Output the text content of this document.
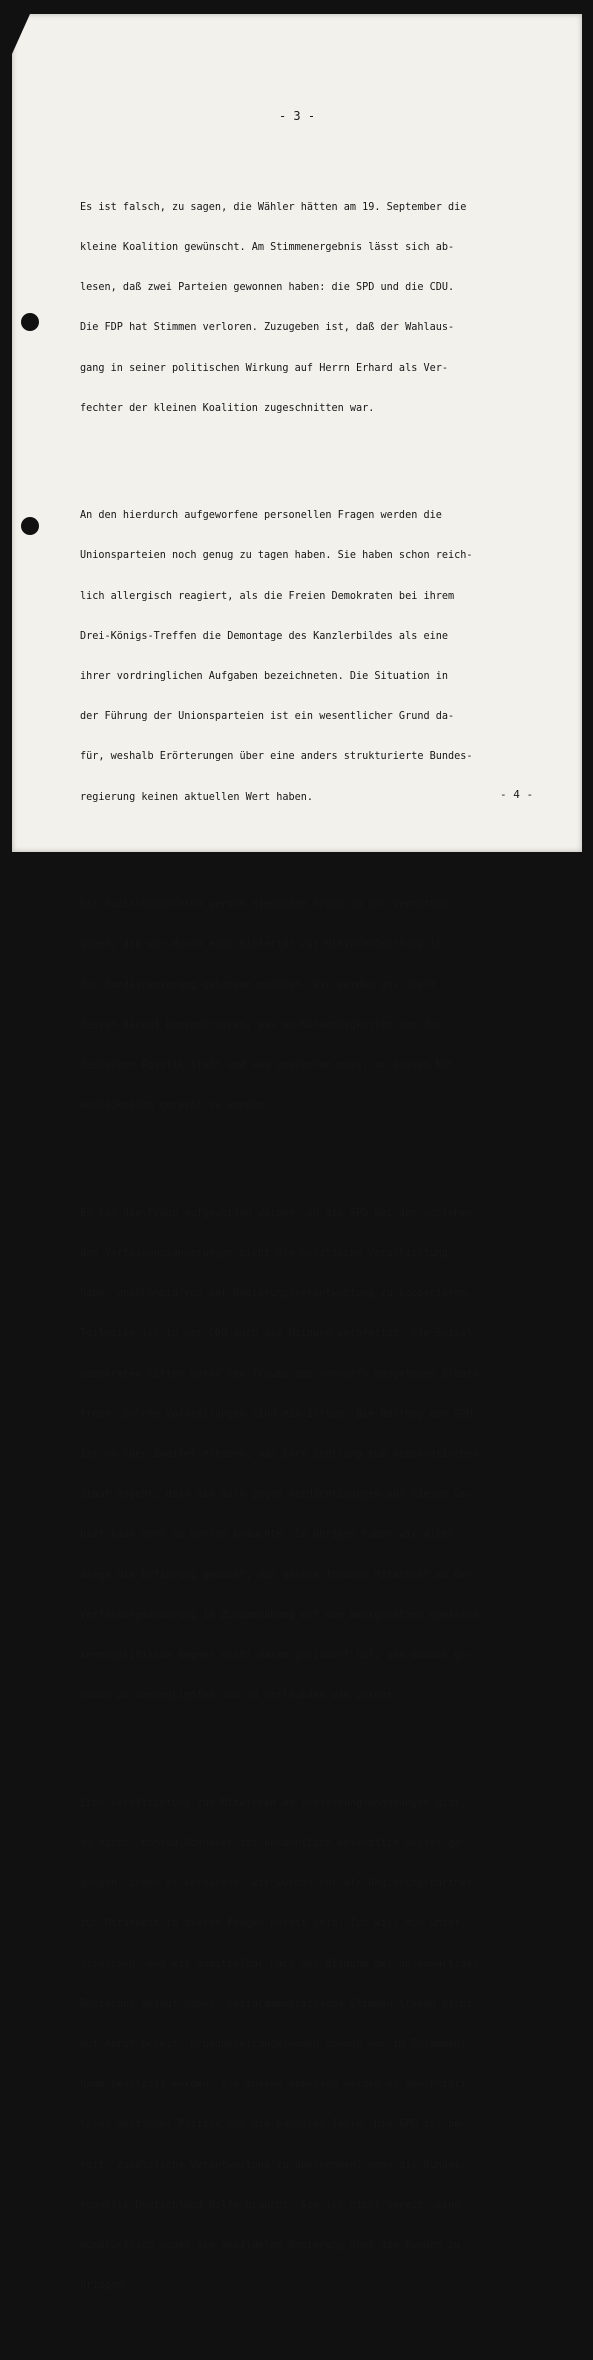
- 3 -

Es ist falsch, zu sagen, die Wähler hätten am 19. September die

kleine Koalition gewünscht. Am Stimmenergebnis lässt sich ab-

lesen, daß zwei Parteien gewonnen haben: die SPD und die CDU.

Die FDP hat Stimmen verloren. Zuzugeben ist, daß der Wahlaus-

gang in seiner politischen Wirkung auf Herrn Erhard als Ver-

fechter der kleinen Koalition zugeschnitten war.

An den hierdurch aufgeworfene personellen Fragen werden die

Unionsparteien noch genug zu tagen haben. Sie haben schon reich-

lich allergisch reagiert, als die Freien Demokraten bei ihrem

Drei-Königs-Treffen die Demontage des Kanzlerbildes als eine

ihrer vordringlichen Aufgaben bezeichneten. Die Situation in

der Führung der Unionsparteien ist ein wesentlicher Grund da-

für, weshalb Erörterungen über eine anders strukturierte Bundes-

regierung keinen aktuellen Wert haben.

Wir Sozialdemokraten werden niemanden Grund zu der Vermutung

geben, daß wir durch eine Hintertür zur Mitverantwortung in

der Bundesregierung gelangen möchten. Wir werden uns statt

dessen darauf konzentrieren, was an Notwendigkeiten vor der

deutschen Politik steht und was geschehen muss, um diesen Not-

wendigkeiten gerecht zu werden.

Es ist die Frage aufgeworfen worden, ob die SPD bei den anstehen-

den Verfassungsänderungen nicht die politische Verpflichtung

habe, unabhängig von der Regierungsverantwortung zu kooperieren.

Teilweise ist in der CDU auch die Meinung verbreitet, die Sozial-

demokraten litten unter dem Trauma des Vorwurfs mangelnder Staats-

treue. Solche Vorstellungen sind ein Irrtum. Die Haltung der SPD

ist so über Zweifel erhaben, was ihre Stellung zum demokratischen

Staat angeht, dass sie sich gegen Verdächtigungen auf diesem Ge-

biet kaum mehr zu wehren brauchte. Im übrigen haben wir aller-

dings die Erfahrung gemacht, daß unsere frühere Mitarbeit an der

Verfassungsänderung im Zusammenhang mit den Wehrgesetzen gewissen

innenpolitische Gegner nicht daran gehindert hat, uns danach ge-

nauso zu verunglimpfen und zu verleumden wie vorher.

Eine Verpflichtung zum Mitwirken an Verfassungsänderungen gibt

es nicht. Konrad Adenauer ist bekanntlich wesentlich weiter ge-

gangen, indem er vermutete, wir würden nur als Regierungspartner

zur Mitarbeit in diesen Fragen bereit sein. Ich will nur unter-

streichen, was wir unmittelbar nach der Bildung der gegenwärtigen

Regierung gesagt haben: Sozialdemokratische Stimmen stehen nicht

auf Abruf bereit. Grundgesetzänderungen können nur im Zusammen-

hang beurteilt werden. Sie müssen gemessen werden an den Priori-

täten deutscher Politik für die nächsten Jahre. Die SPD ist be-

reit, zusätzliche Verantwortung zu übernehmen, wenn die Bundes-

republik Deutschland Hilfe braucht. Sie ist nicht bereit, eine

ausdrücklich gegen sie gebildeten Regierung über die Runden zu

bringen.

- 4 -
